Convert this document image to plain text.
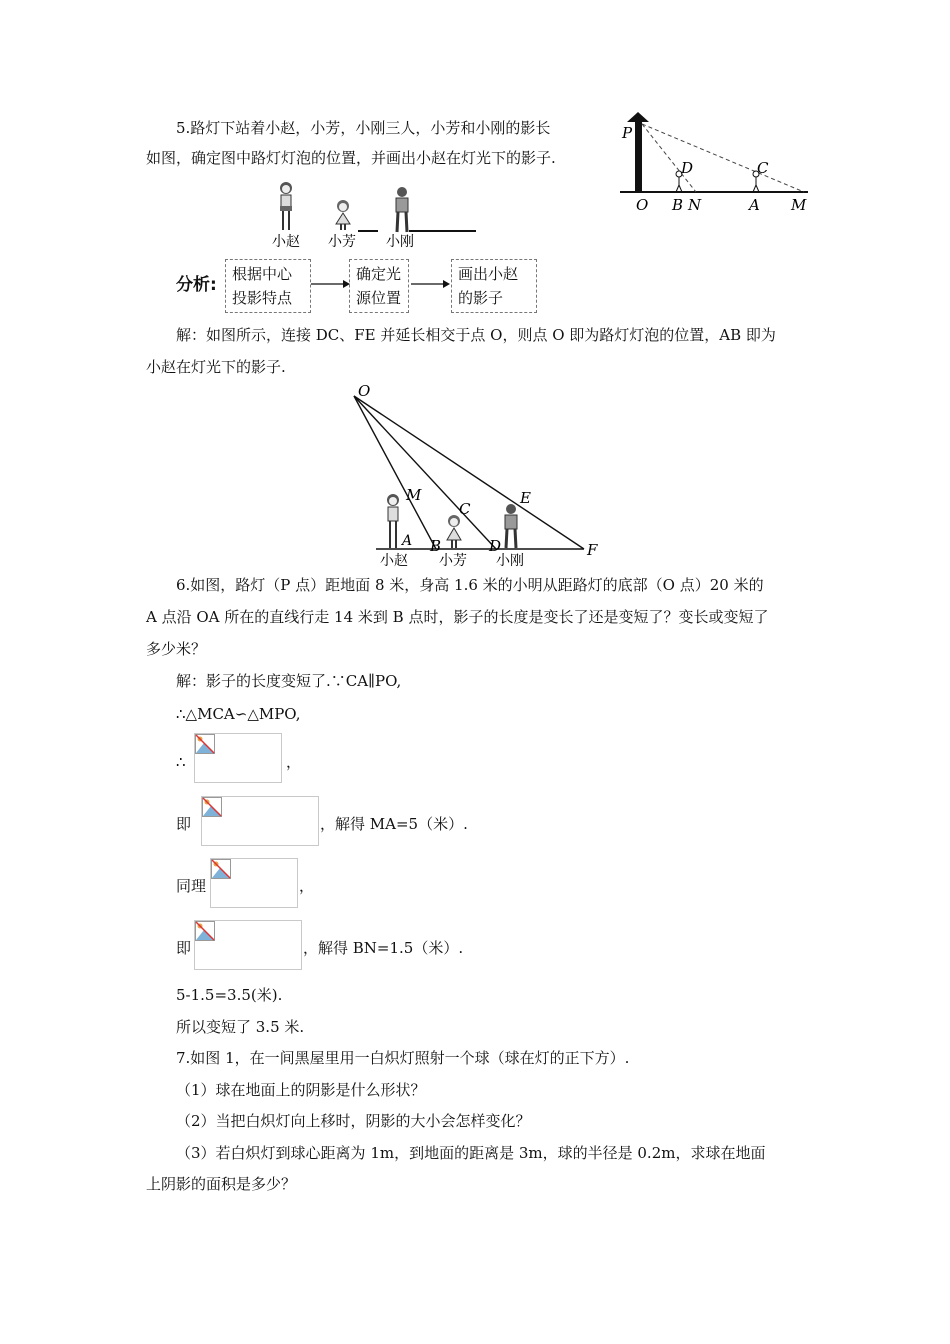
5.路灯下站着小赵，小芳，小刚三人，小芳和小刚的影长
如图，确定图中路灯灯泡的位置，并画出小赵在灯光下的影子.
P
D	C
O B N	A M
小赵 小芳 小刚
分析:
根据中心投影特点
确定光源位置
画出小赵的影子
解：如图所示，连接 DC、FE 并延长相交于点 O，则点 O 即为路灯灯泡的位置，AB 即为
小赵在灯光下的影子.
O
M
C
E
A B	D	F
小赵 小芳 小刚
6.如图，路灯（P 点）距地面 8 米，身高 1.6 米的小明从距路灯的底部（O 点）20 米的
A 点沿 OA 所在的直线行走 14 米到 B 点时，影子的长度是变长了还是变短了？变长或变短了
多少米？
解：影子的长度变短了.∵CA∥PO,
∴△MCA∽△MPO,
∴	，
即	，解得 MA=5（米）.
同理	，
即	，解得 BN=1.5（米）.
5-1.5=3.5(米).
所以变短了 3.5 米.
7.如图 1，在一间黑屋里用一白炽灯照射一个球（球在灯的正下方）.
（1）球在地面上的阴影是什么形状？
（2）当把白炽灯向上移时，阴影的大小会怎样变化？
（3）若白炽灯到球心距离为 1m，到地面的距离是 3m，球的半径是 0.2m，求球在地面
上阴影的面积是多少？
